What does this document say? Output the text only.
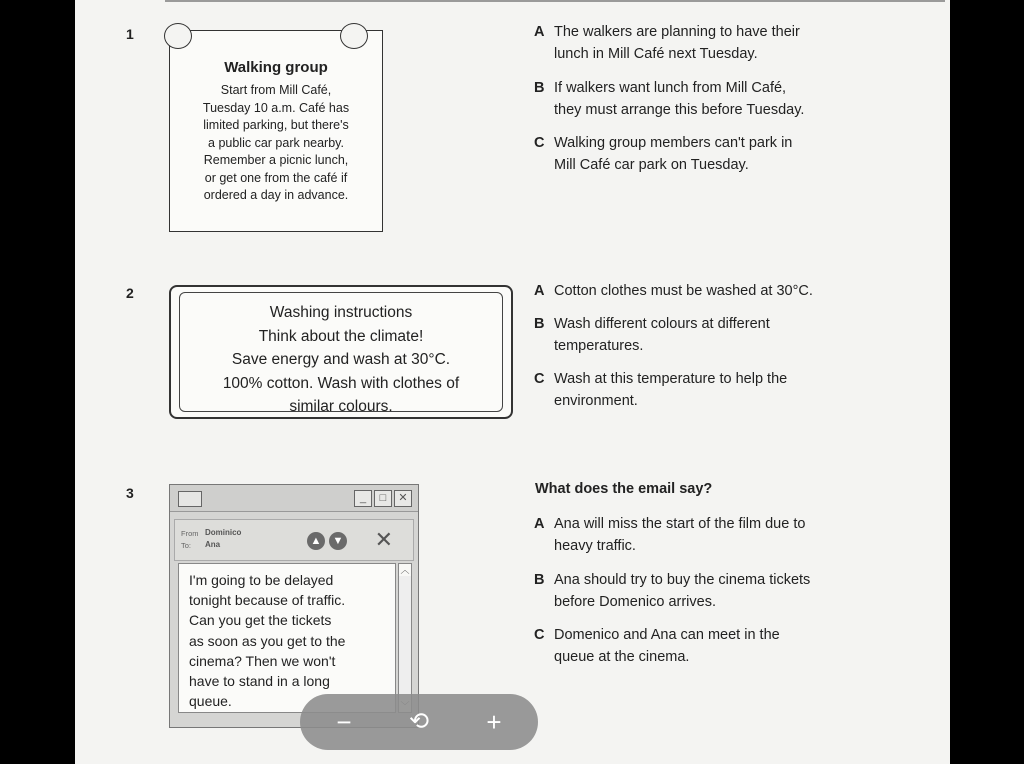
1
Walking group
Start from Mill Café,
Tuesday 10 a.m. Café has
limited parking, but there's
a public car park nearby.
Remember a picnic lunch,
or get one from the café if
ordered a day in advance.
A The walkers are planning to have their
lunch in Mill Café next Tuesday.
B If walkers want lunch from Mill Café,
they must arrange this before Tuesday.
C Walking group members can't park in
Mill Café car park on Tuesday.
2
Washing instructions
Think about the climate!
Save energy and wash at 30°C.
100% cotton. Wash with clothes of
similar colours.
A Cotton clothes must be washed at 30°C.
B Wash different colours at different
temperatures.
C Wash at this temperature to help the
environment.
3	_	□	✕
From Dominico
To: Ana	▲	▼ ✕
I'm going to be delayed
tonight because of traffic.
Can you get the tickets
as soon as you get to the
cinema? Then we won't
have to stand in a long
queue.
︿
What does the email say?
A Ana will miss the start of the film due to
heavy traffic.
B Ana should try to buy the cinema tickets
before Domenico arrives.
C Domenico and Ana can meet in the
queue at the cinema.
−	⟲	+
